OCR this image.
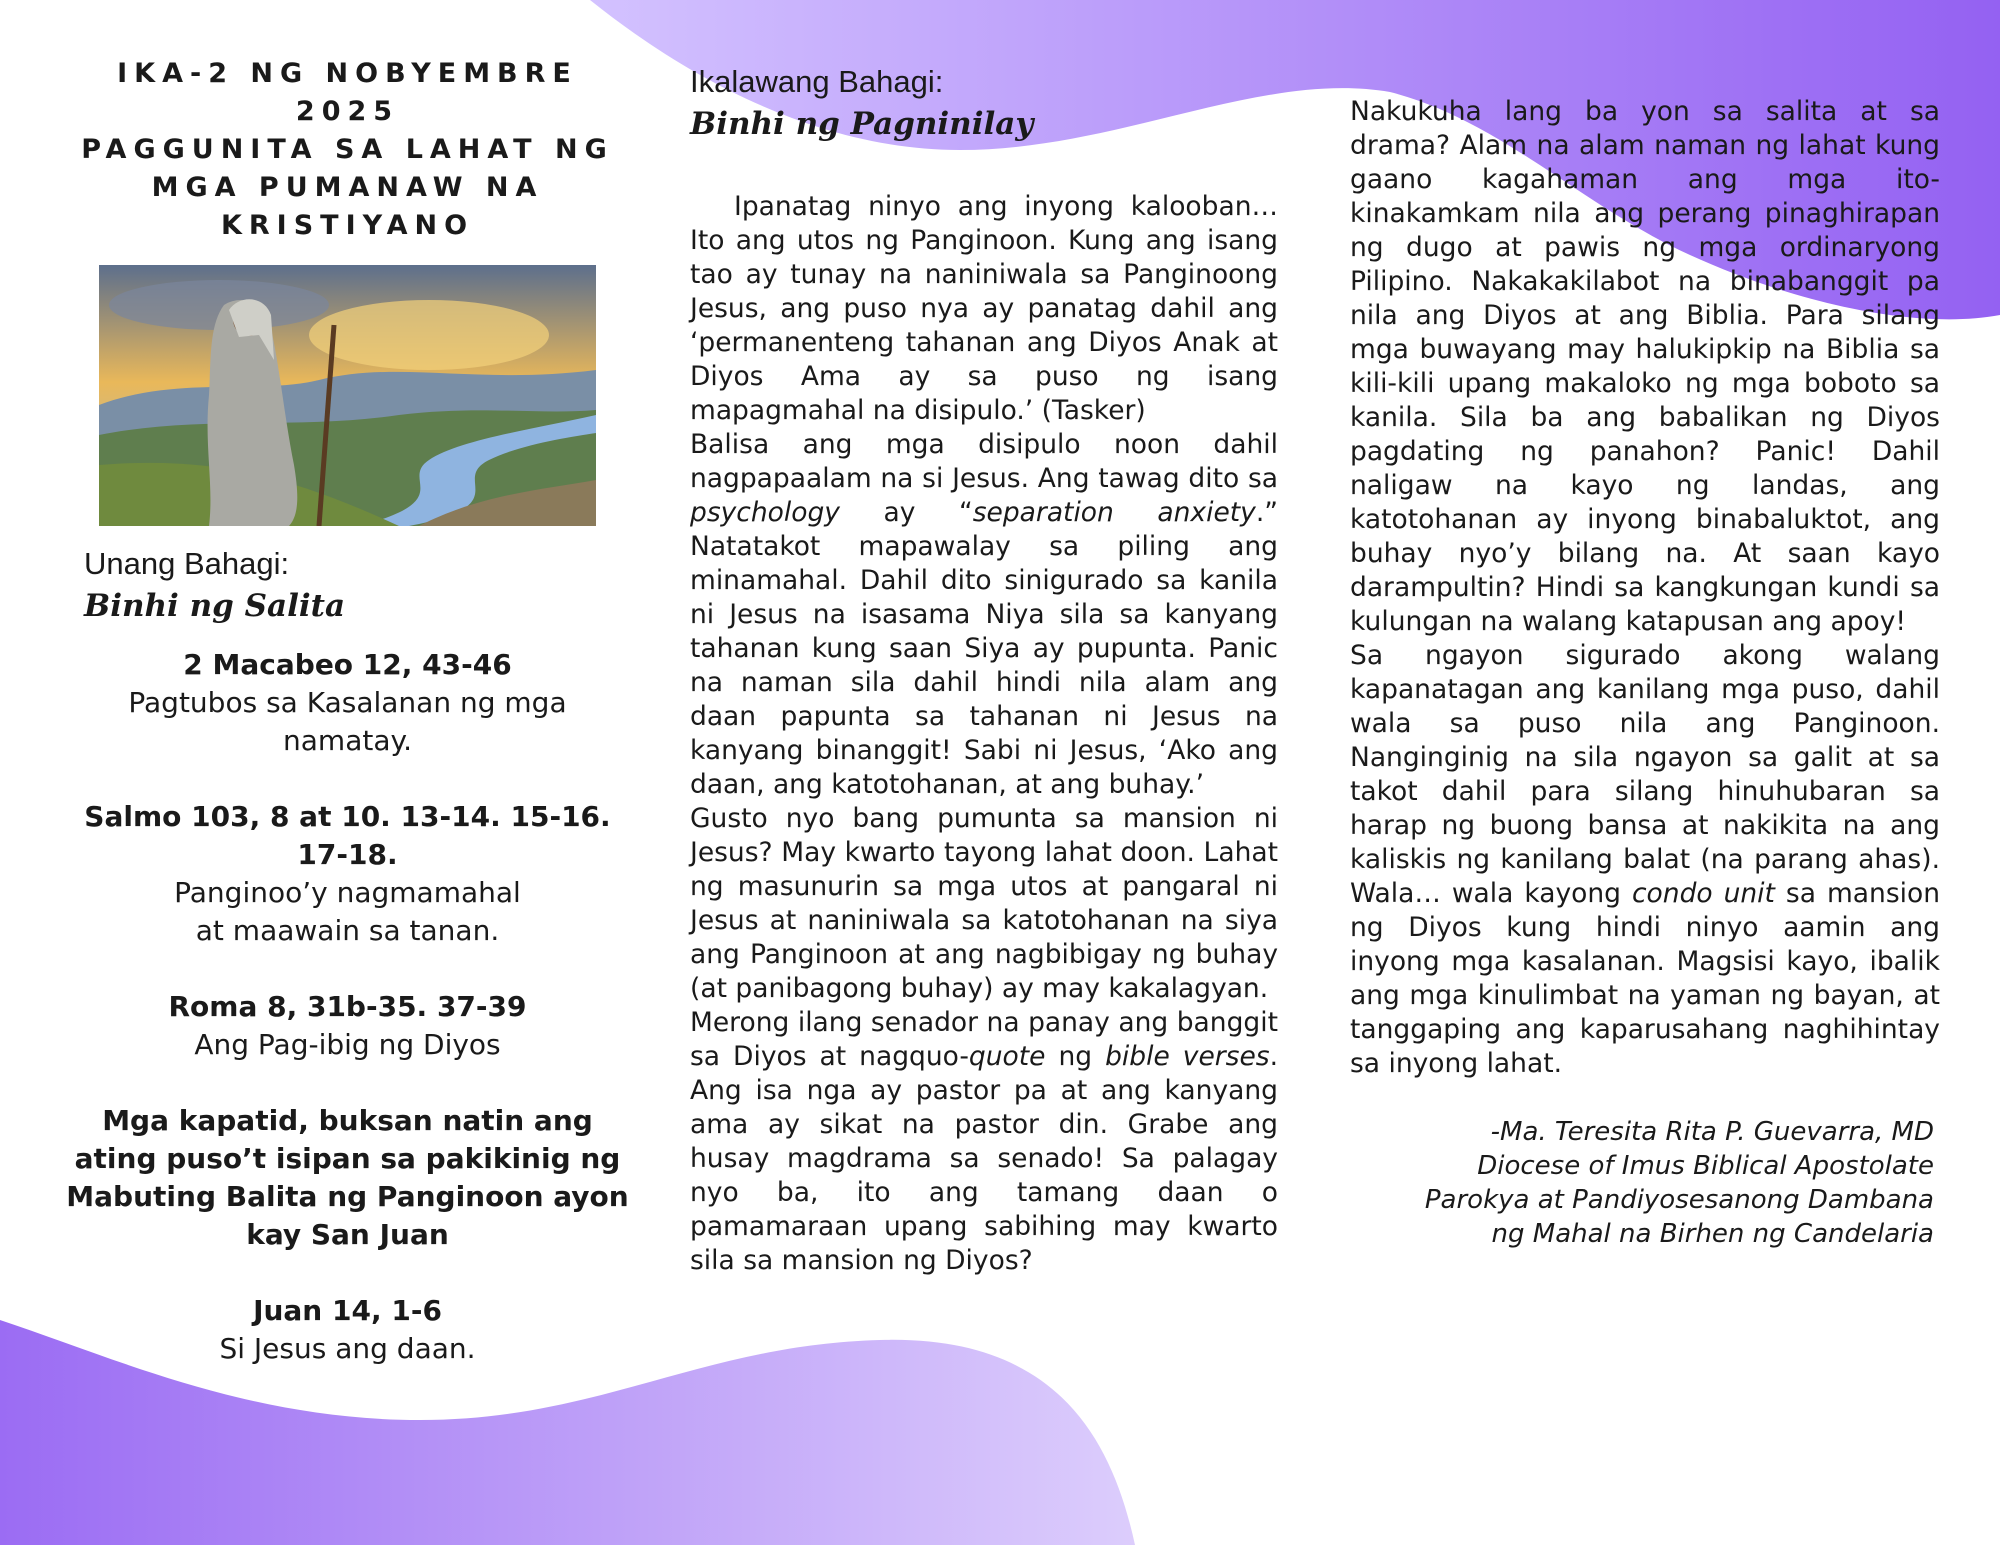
IKA-2 NG NOBYEMBRE

2025

PAGGUNITA SA LAHAT NG

MGA PUMANAW NA

KRISTIYANO

Unang Bahagi:
Binhi ng Salita

2 Macabeo 12, 43-46

Pagtubos sa Kasalanan ng mga

namatay.

Salmo 103, 8 at 10. 13-14. 15-16. 17-18.

Panginoo’y nagmamahal

at maawain sa tanan.

Roma 8, 31b-35. 37-39

Ang Pag-ibig ng Diyos

Mga kapatid, buksan natin ang ating puso’t isipan sa pakikinig ng Mabuting Balita ng Panginoon ayon kay San Juan

Juan 14, 1-6

Si Jesus ang daan.

Ikalawang Bahagi:
Binhi ng Pagninilay

Ipanatag ninyo ang inyong kalooban… Ito ang utos ng Panginoon. Kung ang isang tao ay tunay na naniniwala sa Panginoong Jesus, ang puso nya ay panatag dahil ang ‘permanenteng tahanan ang Diyos Anak at Diyos Ama ay sa puso ng isang mapagmahal na disipulo.’ (Tasker)

Balisa ang mga disipulo noon dahil nagpapaalam na si Jesus. Ang tawag dito sa psychology ay “separation anxiety.” Natatakot mapawalay sa piling ang minamahal. Dahil dito sinigurado sa kanila ni Jesus na isasama Niya sila sa kanyang tahanan kung saan Siya ay pupunta. Panic na naman sila dahil hindi nila alam ang daan papunta sa tahanan ni Jesus na kanyang binanggit! Sabi ni Jesus, ‘Ako ang daan, ang katotohanan, at ang buhay.’

Gusto nyo bang pumunta sa mansion ni Jesus? May kwarto tayong lahat doon. Lahat ng masunurin sa mga utos at pangaral ni Jesus at naniniwala sa katotohanan na siya ang Panginoon at ang nagbibigay ng buhay (at panibagong buhay) ay may kakalagyan.

Merong ilang senador na panay ang banggit sa Diyos at nagquo-quote ng bible verses. Ang isa nga ay pastor pa at ang kanyang ama ay sikat na pastor din. Grabe ang husay magdrama sa senado! Sa palagay nyo ba, ito ang tamang daan o pamamaraan upang sabihing may kwarto sila sa mansion ng Diyos?

Nakukuha lang ba yon sa salita at sa drama? Alam na alam naman ng lahat kung gaano kagahaman ang mga ito- kinakamkam nila ang perang pinaghirapan ng dugo at pawis ng mga ordinaryong Pilipino. Nakakakilabot na binabanggit pa nila ang Diyos at ang Biblia. Para silang mga buwayang may halukipkip na Biblia sa kili-kili upang makaloko ng mga boboto sa kanila. Sila ba ang babalikan ng Diyos pagdating ng panahon? Panic! Dahil naligaw na kayo ng landas, ang katotohanan ay inyong binabaluktot, ang buhay nyo’y bilang na. At saan kayo darampultin? Hindi sa kangkungan kundi sa kulungan na walang katapusan ang apoy!

Sa ngayon sigurado akong walang kapanatagan ang kanilang mga puso, dahil wala sa puso nila ang Panginoon. Nanginginig na sila ngayon sa galit at sa takot dahil para silang hinuhubaran sa harap ng buong bansa at nakikita na ang kaliskis ng kanilang balat (na parang ahas). Wala… wala kayong condo unit sa mansion ng Diyos kung hindi ninyo aamin ang inyong mga kasalanan. Magsisi kayo, ibalik ang mga kinulimbat na yaman ng bayan, at tanggaping ang kaparusahang naghihintay sa inyong lahat.

-Ma. Teresita Rita P. Guevarra, MD

Diocese of Imus Biblical Apostolate

Parokya at Pandiyosesanong Dambana

ng Mahal na Birhen ng Candelaria
